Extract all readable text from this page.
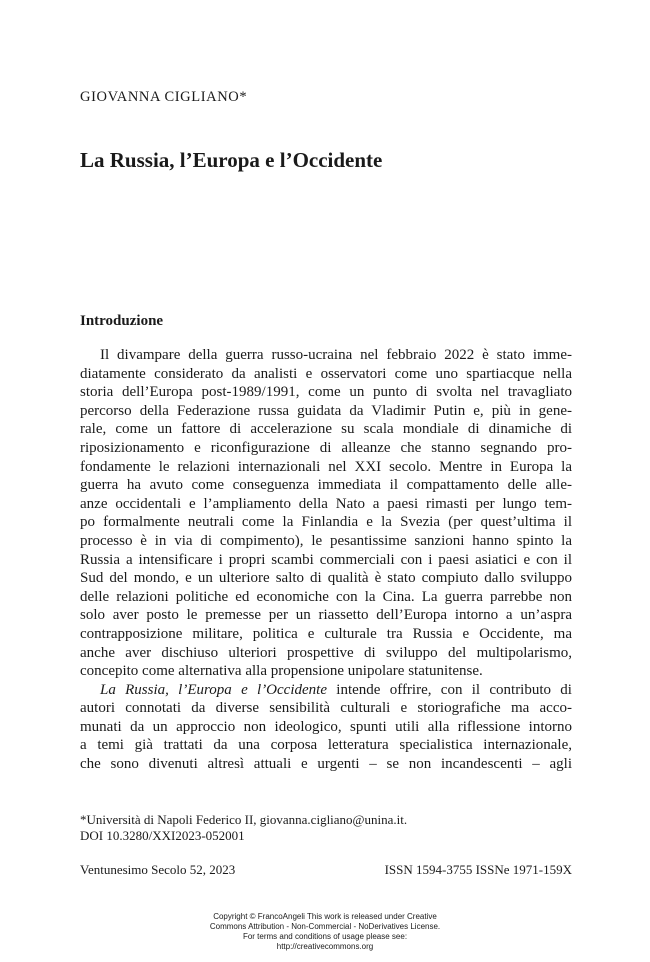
GIOVANNA CIGLIANO*
La Russia, l’Europa e l’Occidente
Introduzione
Il divampare della guerra russo-ucraina nel febbraio 2022 è stato imme-
diatamente considerato da analisti e osservatori come uno spartiacque nella
storia dell’Europa post-1989/1991, come un punto di svolta nel travagliato
percorso della Federazione russa guidata da Vladimir Putin e, più in gene-
rale, come un fattore di accelerazione su scala mondiale di dinamiche di
riposizionamento e riconfigurazione di alleanze che stanno segnando pro-
fondamente le relazioni internazionali nel XXI secolo. Mentre in Europa la
guerra ha avuto come conseguenza immediata il compattamento delle alle-
anze occidentali e l’ampliamento della Nato a paesi rimasti per lungo tem-
po formalmente neutrali come la Finlandia e la Svezia (per quest’ultima il
processo è in via di compimento), le pesantissime sanzioni hanno spinto la
Russia a intensificare i propri scambi commerciali con i paesi asiatici e con il
Sud del mondo, e un ulteriore salto di qualità è stato compiuto dallo sviluppo
delle relazioni politiche ed economiche con la Cina. La guerra parrebbe non
solo aver posto le premesse per un riassetto dell’Europa intorno a un’aspra
contrapposizione militare, politica e culturale tra Russia e Occidente, ma
anche aver dischiuso ulteriori prospettive di sviluppo del multipolarismo,
concepito come alternativa alla propensione unipolare statunitense.
La Russia, l’Europa e l’Occidente intende offrire, con il contributo di
autori connotati da diverse sensibilità culturali e storiografiche ma acco-
munati da un approccio non ideologico, spunti utili alla riflessione intorno
a temi già trattati da una corposa letteratura specialistica internazionale,
che sono divenuti altresì attuali e urgenti – se non incandescenti – agli
*Università di Napoli Federico II, giovanna.cigliano@unina.it.
DOI 10.3280/XXI2023-052001
Ventunesimo Secolo 52, 2023	ISSN 1594-3755 ISSNe 1971-159X
Copyright © FrancoAngeli This work is released under Creative
Commons Attribution - Non-Commercial - NoDerivatives License.
For terms and conditions of usage please see:
http://creativecommons.org
